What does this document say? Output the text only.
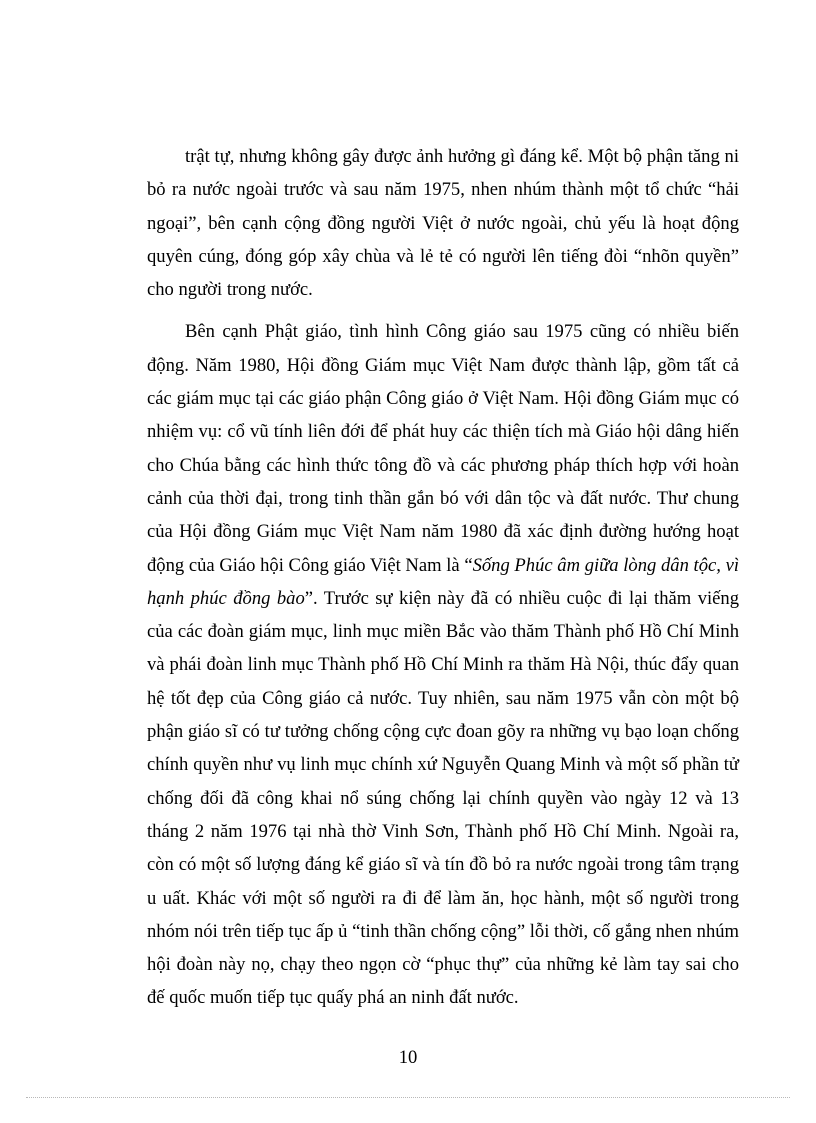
trật tự, nhưng không gây được ảnh hưởng gì đáng kể. Một bộ phận tăng ni bỏ ra nước ngoài trước và sau năm 1975, nhen nhúm thành một tổ chức “hải ngoại”, bên cạnh cộng đồng người Việt ở nước ngoài, chủ yếu là hoạt động quyên cúng, đóng góp xây chùa và lẻ tẻ có người lên tiếng đòi “nhõn quyền” cho người trong nước.

Bên cạnh Phật giáo, tình hình Công giáo sau 1975 cũng có nhiều biến động. Năm 1980, Hội đồng Giám mục Việt Nam được thành lập, gồm tất cả các giám mục tại các giáo phận Công giáo ở Việt Nam. Hội đồng Giám mục có nhiệm vụ: cổ vũ tính liên đới để phát huy các thiện tích mà Giáo hội dâng hiến cho Chúa bằng các hình thức tông đồ và các phương pháp thích hợp với hoàn cảnh của thời đại, trong tinh thần gắn bó với dân tộc và đất nước. Thư chung của Hội đồng Giám mục Việt Nam năm 1980 đã xác định đường hướng hoạt động của Giáo hội Công giáo Việt Nam là “Sống Phúc âm giữa lòng dân tộc, vì hạnh phúc đồng bào”. Trước sự kiện này đã có nhiều cuộc đi lại thăm viếng của các đoàn giám mục, linh mục miền Bắc vào thăm Thành phố Hồ Chí Minh và phái đoàn linh mục Thành phố Hồ Chí Minh ra thăm Hà Nội, thúc đẩy quan hệ tốt đẹp của Công giáo cả nước. Tuy nhiên, sau năm 1975 vẫn còn một bộ phận giáo sĩ có tư tưởng chống cộng cực đoan gõy ra những vụ bạo loạn chống chính quyền như vụ linh mục chính xứ Nguyễn Quang Minh và một số phần tử chống đối đã công khai nổ súng chống lại chính quyền vào ngày 12 và 13 tháng 2 năm 1976 tại nhà thờ Vinh Sơn, Thành phố Hồ Chí Minh. Ngoài ra, còn có một số lượng đáng kể giáo sĩ và tín đồ bỏ ra nước ngoài trong tâm trạng u uất. Khác với một số người ra đi để làm ăn, học hành, một số người trong nhóm nói trên tiếp tục ấp ủ “tinh thần chống cộng” lỗi thời, cố gắng nhen nhúm hội đoàn này nọ, chạy theo ngọn cờ “phục thự” của những kẻ làm tay sai cho đế quốc muốn tiếp tục quấy phá an ninh đất nước.

10
